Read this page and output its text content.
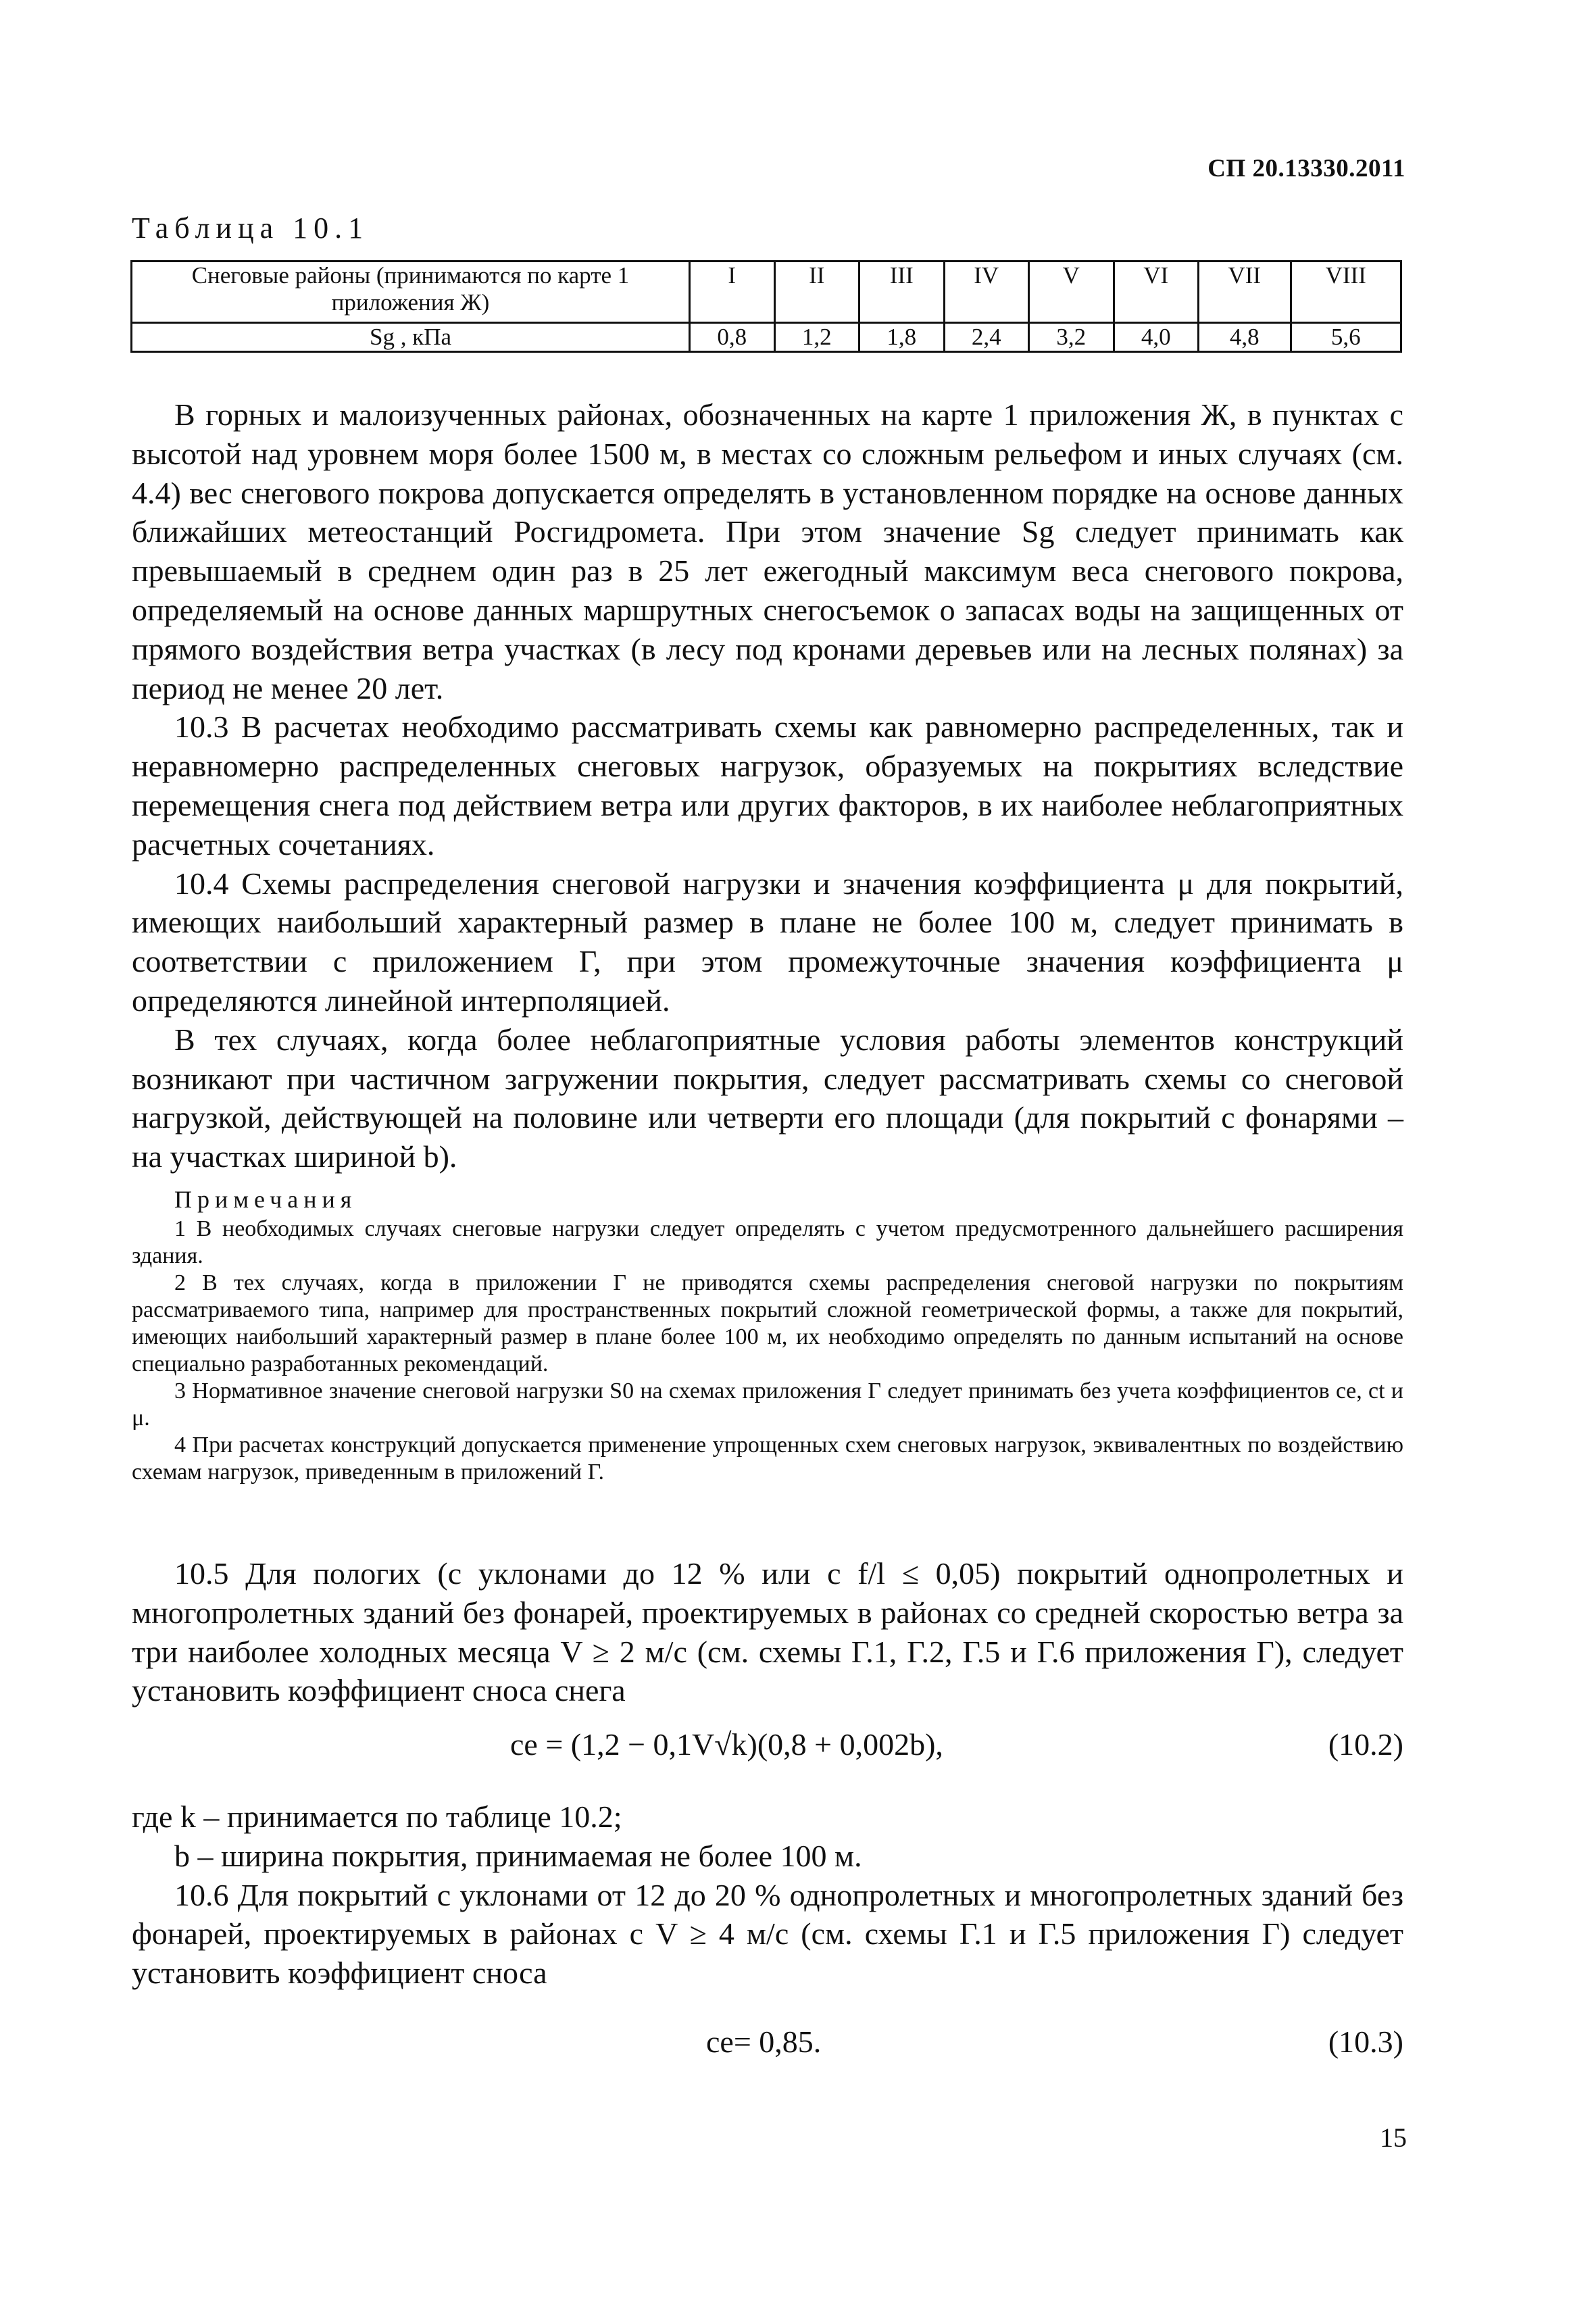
СП 20.13330.2011
Таблица 10.1
Снеговые районы (принимаются по карте 1 приложения Ж)	I	II	III	IV	V	VI	VII	VIII
Sg , кПа	0,8	1,2	1,8	2,4	3,2	4,0	4,8	5,6

В горных и малоизученных районах, обозначенных на карте 1 приложения Ж, в пунктах с высотой над уровнем моря более 1500 м, в местах со сложным рельефом и иных случаях (см. 4.4) вес снегового покрова допускается определять в установленном порядке на основе данных ближайших метеостанций Росгидромета. При этом значение Sg следует принимать как превышаемый в среднем один раз в 25 лет ежегодный максимум веса снегового покрова, определяемый на основе данных маршрутных снегосъемок о запасах воды на защищенных от прямого воздействия ветра участках (в лесу под кронами деревьев или на лесных полянах) за период не менее 20 лет.

10.3 В расчетах необходимо рассматривать схемы как равномерно распределенных, так и неравномерно распределенных снеговых нагрузок, образуемых на покрытиях вследствие перемещения снега под действием ветра или других факторов, в их наиболее неблагоприятных расчетных сочетаниях.

10.4 Схемы распределения снеговой нагрузки и значения коэффициента μ для покрытий, имеющих наибольший характерный размер в плане не более 100 м, следует принимать в соответствии с приложением Г, при этом промежуточные значения коэффициента μ определяются линейной интерполяцией.

В тех случаях, когда более неблагоприятные условия работы элементов конструкций возникают при частичном загружении покрытия, следует рассматривать схемы со снеговой нагрузкой, действующей на половине или четверти его площади (для покрытий с фонарями – на участках шириной b).

Примечания

1 В необходимых случаях снеговые нагрузки следует определять с учетом предусмотренного дальнейшего расширения здания.

2 В тех случаях, когда в приложении Г не приводятся схемы распределения снеговой нагрузки по покрытиям рассматриваемого типа, например для пространственных покрытий сложной геометрической формы, а также для покрытий, имеющих наибольший характерный размер в плане более 100 м, их необходимо определять по данным испытаний на основе специально разработанных рекомендаций.

3 Нормативное значение снеговой нагрузки S0 на схемах приложения Г следует принимать без учета коэффициентов ce, ct и μ.

4 При расчетах конструкций допускается применение упрощенных схем снеговых нагрузок, эквивалентных по воздействию схемам нагрузок, приведенным в приложений Г.

10.5 Для пологих (с уклонами до 12 % или с f/l ≤ 0,05) покрытий однопролетных и многопролетных зданий без фонарей, проектируемых в районах со средней скоростью ветра за три наиболее холодных месяца V ≥ 2 м/с (см. схемы Г.1, Г.2, Г.5 и Г.6 приложения Г), следует установить коэффициент сноса снега

ce = (1,2 − 0,1V√k)(0,8 + 0,002b),	(10.2)

где k – принимается по таблице 10.2;

b – ширина покрытия, принимаемая не более 100 м.

10.6 Для покрытий с уклонами от 12 до 20 % однопролетных и многопролетных зданий без фонарей, проектируемых в районах с V ≥ 4 м/с (см. схемы Г.1 и Г.5 приложения Г) следует установить коэффициент сноса

ce= 0,85.	(10.3)
15
